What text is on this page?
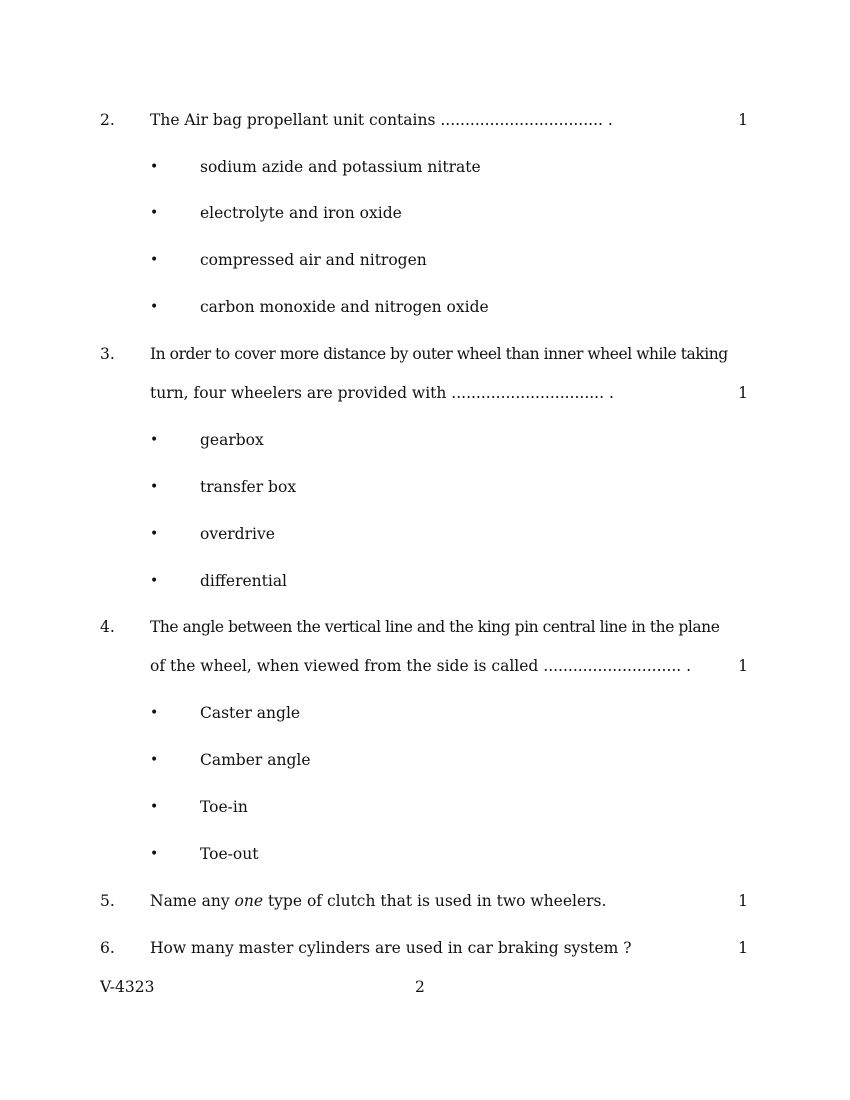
2. The Air bag propellant unit contains ................................. .	1
•	sodium azide and potassium nitrate
•	electrolyte and iron oxide
•	compressed air and nitrogen
•	carbon monoxide and nitrogen oxide
3. In order to cover more distance by outer wheel than inner wheel while taking
turn, four wheelers are provided with ............................... .	1
•	gearbox
•	transfer box
•	overdrive
•	differential
4. The angle between the vertical line and the king pin central line in the plane
of the wheel, when viewed from the side is called ............................ .	1
•	Caster angle
•	Camber angle
•	Toe-in
•	Toe-out
5. Name any one type of clutch that is used in two wheelers.	1
6. How many master cylinders are used in car braking system ?	1
V-4323	2
